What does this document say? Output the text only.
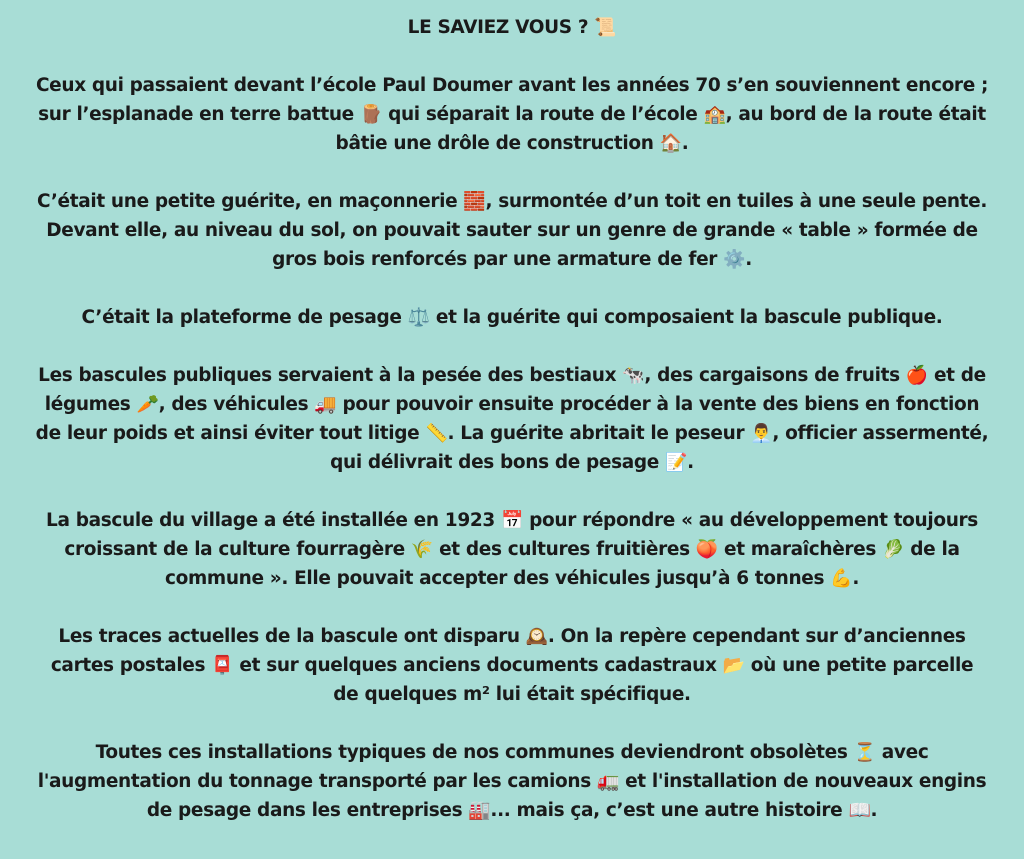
LE SAVIEZ VOUS ? 📜
Ceux qui passaient devant l’école Paul Doumer avant les années 70 s’en souviennent encore ;
sur l’esplanade en terre battue 🪵 qui séparait la route de l’école 🏫, au bord de la route était
bâtie une drôle de construction 🏠.
C’était une petite guérite, en maçonnerie 🧱, surmontée d’un toit en tuiles à une seule pente.
Devant elle, au niveau du sol, on pouvait sauter sur un genre de grande « table » formée de
gros bois renforcés par une armature de fer ⚙️.
C’était la plateforme de pesage ⚖️ et la guérite qui composaient la bascule publique.
Les bascules publiques servaient à la pesée des bestiaux 🐄, des cargaisons de fruits 🍎 et de
légumes 🥕, des véhicules 🚚 pour pouvoir ensuite procéder à la vente des biens en fonction
de leur poids et ainsi éviter tout litige 📏. La guérite abritait le peseur 👨‍💼, officier assermenté,
qui délivrait des bons de pesage 📝.
La bascule du village a été installée en 1923 📅 pour répondre « au développement toujours
croissant de la culture fourragère 🌾 et des cultures fruitières 🍑 et maraîchères 🥬 de la
commune ». Elle pouvait accepter des véhicules jusqu’à 6 tonnes 💪.
Les traces actuelles de la bascule ont disparu 🕰️. On la repère cependant sur d’anciennes
cartes postales 📮 et sur quelques anciens documents cadastraux 📂 où une petite parcelle
de quelques m² lui était spécifique.
Toutes ces installations typiques de nos communes deviendront obsolètes ⏳ avec
l'augmentation du tonnage transporté par les camions 🚛 et l'installation de nouveaux engins
de pesage dans les entreprises 🏭... mais ça, c’est une autre histoire 📖.
